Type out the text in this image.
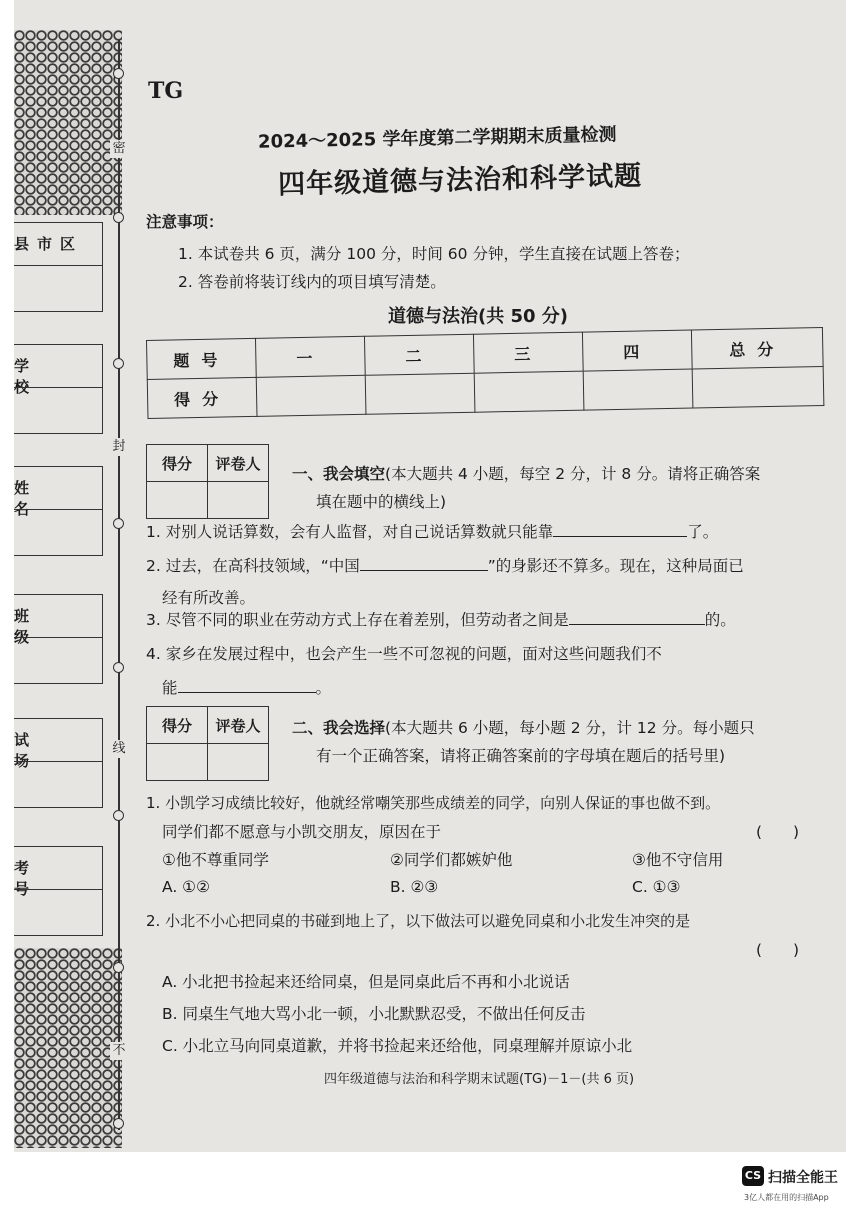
密
封
线
不
县市区
学校
姓名
班级
试场
考号
TG
2024～2025 学年度第二学期期末质量检测
四年级道德与法治和科学试题
注意事项：
1. 本试卷共 6 页，满分 100 分，时间 60 分钟，学生直接在试题上答卷；
2. 答卷前将装订线内的项目填写清楚。
道德与法治(共 50 分)
题号	一	二	三	四	总分
得分					
得分	评卷人

一、我会填空(本大题共 4 小题，每空 2 分，计 8 分。请将正确答案
填在题中的横线上)
1. 对别人说话算数，会有人监督，对自己说话算数就只能靠	了。
2. 过去，在高科技领域，“中国	”的身影还不算多。现在，这种局面已
经有所改善。
3. 尽管不同的职业在劳动方式上存在着差别，但劳动者之间是	的。
4. 家乡在发展过程中，也会产生一些不可忽视的问题，面对这些问题我们不
能	。
得分	评卷人
	二、我会选择(本大题共 6 小题，每小题 2 分，计 12 分。每小题只
有一个正确答案，请将正确答案前的字母填在题后的括号里)
1. 小凯学习成绩比较好，他就经常嘲笑那些成绩差的同学，向别人保证的事也做不到。
同学们都不愿意与小凯交朋友，原因在于	(　　)
①他不尊重同学	②同学们都嫉妒他	③他不守信用
A. ①②	B. ②③	C. ①③
2. 小北不小心把同桌的书碰到地上了，以下做法可以避免同桌和小北发生冲突的是
(　　)
A. 小北把书捡起来还给同桌，但是同桌此后不再和小北说话
B. 同桌生气地大骂小北一顿，小北默默忍受，不做出任何反击
C. 小北立马向同桌道歉，并将书捡起来还给他，同桌理解并原谅小北
四年级道德与法治和科学期末试题(TG)－1－(共 6 页)
CS 扫描全能王
3亿人都在用的扫描App
